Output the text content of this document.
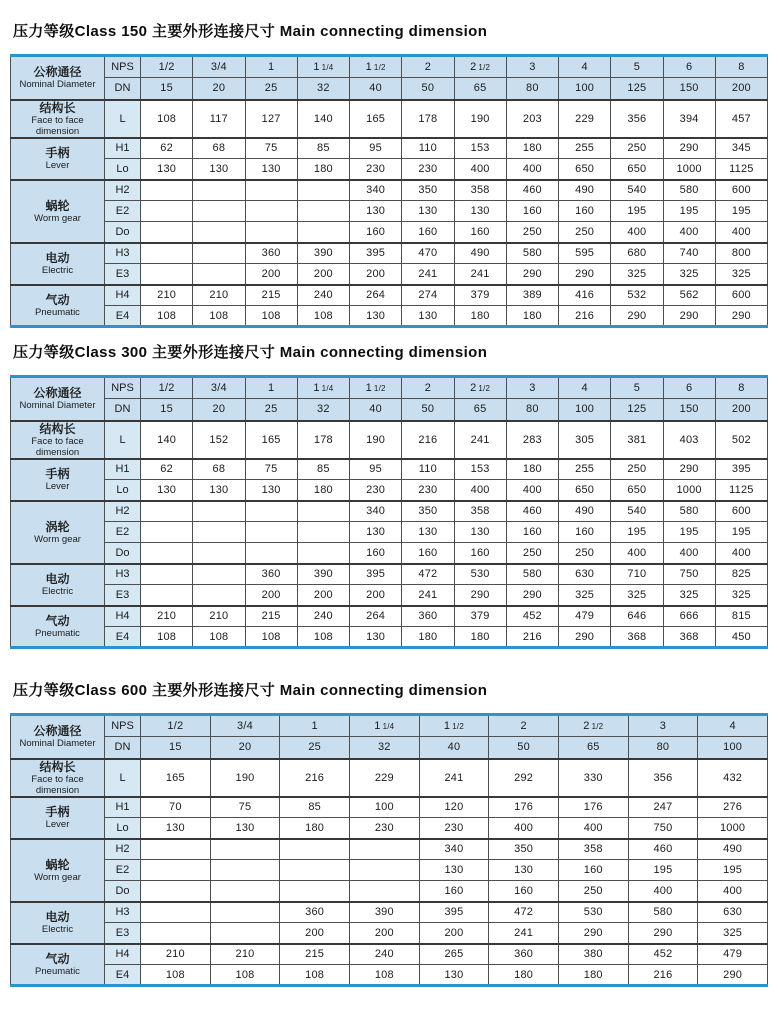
压力等级Class 150 主要外形连接尺寸 Main connecting dimension
公称通径
Nominal Diameter	NPS	1/2	3/4	1	1 1/4	1 1/2	2	2 1/2	3	4	5	6	8
	DN	15	20	25	32	40	50	65	80	100	125	150	200

结构长
Face to face dimension	L	108	117	127	140	165	178	190	203	229	356	394	457

手柄
Lever	H1	62	68	75	85	95	110	153	180	255	250	290	345
	Lo	130	130	130	180	230	230	400	400	650	650	1000	1125

蜗轮
Worm gear	H2					340	350	358	460	490	540	580	600
	E2					130	130	130	160	160	195	195	195
	Do					160	160	160	250	250	400	400	400

电动
Electric	H3			360	390	395	470	490	580	595	680	740	800
	E3			200	200	200	241	241	290	290	325	325	325

气动
Pneumatic	H4	210	210	215	240	264	274	379	389	416	532	562	600
	E4	108	108	108	108	130	130	180	180	216	290	290	290
压力等级Class 300 主要外形连接尺寸 Main connecting dimension
公称通径
Nominal Diameter	NPS	1/2	3/4	1	1 1/4	1 1/2	2	2 1/2	3	4	5	6	8
	DN	15	20	25	32	40	50	65	80	100	125	150	200

结构长
Face to face dimension	L	140	152	165	178	190	216	241	283	305	381	403	502

手柄
Lever	H1	62	68	75	85	95	110	153	180	255	250	290	395
	Lo	130	130	130	180	230	230	400	400	650	650	1000	1125

涡轮
Worm gear	H2					340	350	358	460	490	540	580	600
	E2					130	130	130	160	160	195	195	195
	Do					160	160	160	250	250	400	400	400

电动
Electric	H3			360	390	395	472	530	580	630	710	750	825
	E3			200	200	200	241	290	290	325	325	325	325

气动
Pneumatic	H4	210	210	215	240	264	360	379	452	479	646	666	815
	E4	108	108	108	108	130	180	180	216	290	368	368	450
压力等级Class 600 主要外形连接尺寸 Main connecting dimension
公称通径
Nominal Diameter	NPS	1/2	3/4	1	1 1/4	1 1/2	2	2 1/2	3	4
	DN	15	20	25	32	40	50	65	80	100

结构长
Face to face dimension	L	165	190	216	229	241	292	330	356	432

手柄
Lever	H1	70	75	85	100	120	176	176	247	276
	Lo	130	130	180	230	230	400	400	750	1000

蜗轮
Worm gear	H2					340	350	358	460	490
	E2					130	130	160	195	195
	Do					160	160	250	400	400

电动
Electric	H3			360	390	395	472	530	580	630
	E3			200	200	200	241	290	290	325

气动
Pneumatic	H4	210	210	215	240	265	360	380	452	479
	E4	108	108	108	108	130	180	180	216	290
